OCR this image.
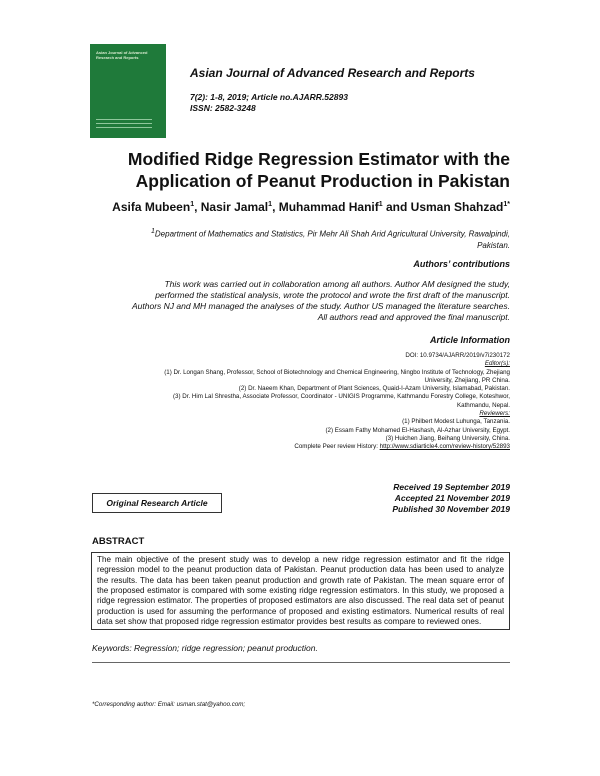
Asian Journal of Advanced Research and Reports
Asian Journal of Advanced Research and Reports
7(2): 1-8, 2019; Article no.AJARR.52893
ISSN: 2582-3248
Modified Ridge Regression Estimator with the
Application of Peanut Production in Pakistan
Asifa Mubeen$^1$, Nasir Jamal$^1$, Muhammad Hanif$^1$ and Usman Shahzad$^{1*}$
$^1$Department of Mathematics and Statistics, Pir Mehr Ali Shah Arid Agricultural University, Rawalpindi,
Pakistan.
Authors’ contributions
This work was carried out in collaboration among all authors. Author AM designed the study,
performed the statistical analysis, wrote the protocol and wrote the first draft of the manuscript.
Authors NJ and MH managed the analyses of the study. Author US managed the literature searches.
All authors read and approved the final manuscript.
Article Information
DOI: 10.9734/AJARR/2019/v7i230172
Editor(s):
(1) Dr. Longan Shang, Professor, School of Biotechnology and Chemical Engineering, Ningbo Institute of Technology, Zhejiang
University, Zhejiang, PR China.
(2) Dr. Naeem Khan, Department of Plant Sciences, Quaid-I-Azam University, Islamabad, Pakistan.
(3) Dr. Him Lal Shrestha, Associate Professor, Coordinator - UNIGIS Programme, Kathmandu Forestry College, Koteshwor,
Kathmandu, Nepal.
Reviewers:
(1) Philbert Modest Luhunga, Tanzania.
(2) Essam Fathy Mohamed El-Hashash, Al-Azhar University, Egypt.
(3) Huichen Jiang, Beihang University, China.
Complete Peer review History: http://www.sdiarticle4.com/review-history/52893
Original Research Article
Received 19 September 2019
Accepted 21 November 2019
Published 30 November 2019
ABSTRACT
The main objective of the present study was to develop a new ridge regression estimator and fit the ridge regression model to the peanut production data of Pakistan. Peanut production data has been used to analyze the results. The data has been taken peanut production and growth rate of Pakistan. The mean square error of the proposed estimator is compared with some existing ridge regression estimators. In this study, we proposed a ridge regression estimator. The properties of proposed estimators are also discussed. The real data set of peanut production is used for assuming the performance of proposed and existing estimators. Numerical results of real data set show that proposed ridge regression estimator provides best results as compare to reviewed ones.
Keywords: Regression; ridge regression; peanut production.
*Corresponding author: Email: usman.stat@yahoo.com;
